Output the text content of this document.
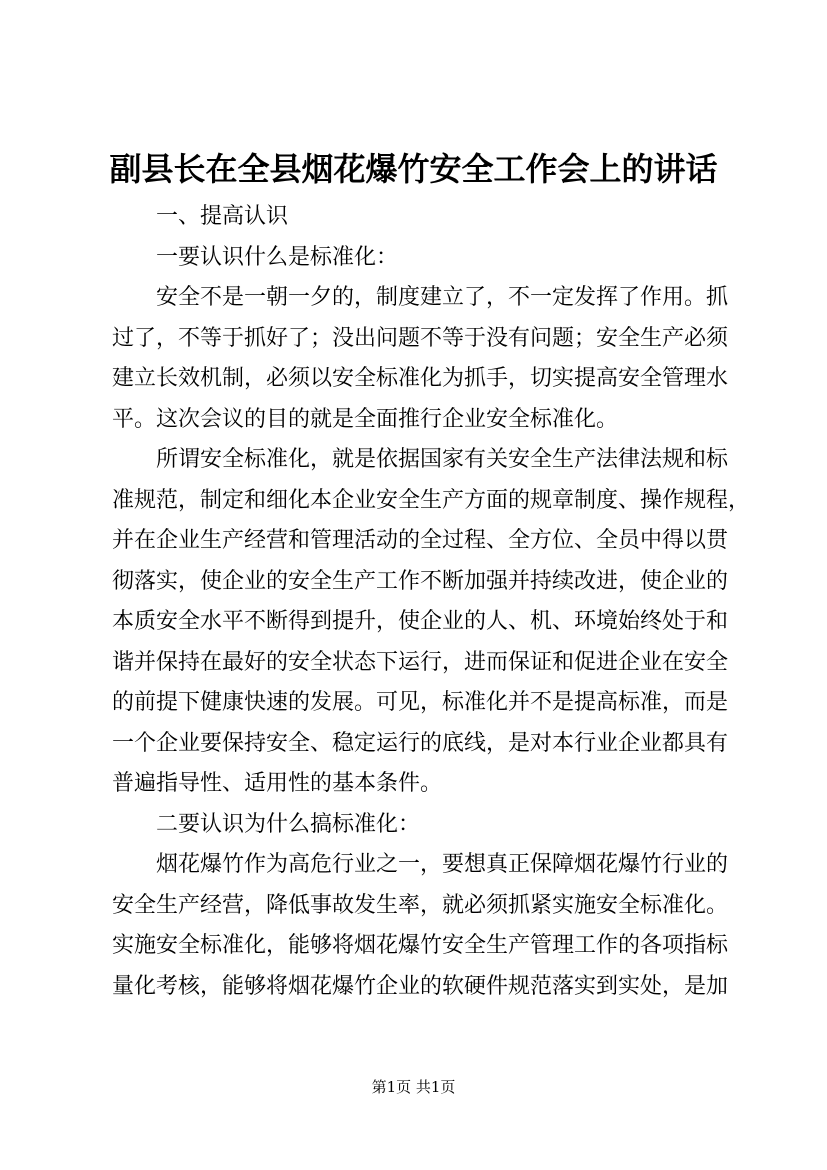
副县长在全县烟花爆竹安全工作会上的讲话
一、提高认识
一要认识什么是标准化：
安全不是一朝一夕的，制度建立了，不一定发挥了作用。抓
过了，不等于抓好了；没出问题不等于没有问题；安全生产必须
建立长效机制，必须以安全标准化为抓手，切实提高安全管理水
平。这次会议的目的就是全面推行企业安全标准化。
所谓安全标准化，就是依据国家有关安全生产法律法规和标
准规范，制定和细化本企业安全生产方面的规章制度、操作规程，
并在企业生产经营和管理活动的全过程、全方位、全员中得以贯
彻落实，使企业的安全生产工作不断加强并持续改进，使企业的
本质安全水平不断得到提升，使企业的人、机、环境始终处于和
谐并保持在最好的安全状态下运行，进而保证和促进企业在安全
的前提下健康快速的发展。可见，标准化并不是提高标准，而是
一个企业要保持安全、稳定运行的底线，是对本行业企业都具有
普遍指导性、适用性的基本条件。
二要认识为什么搞标准化：
烟花爆竹作为高危行业之一，要想真正保障烟花爆竹行业的
安全生产经营，降低事故发生率，就必须抓紧实施安全标准化。
实施安全标准化，能够将烟花爆竹安全生产管理工作的各项指标
量化考核，能够将烟花爆竹企业的软硬件规范落实到实处，是加
第1页 共1页
